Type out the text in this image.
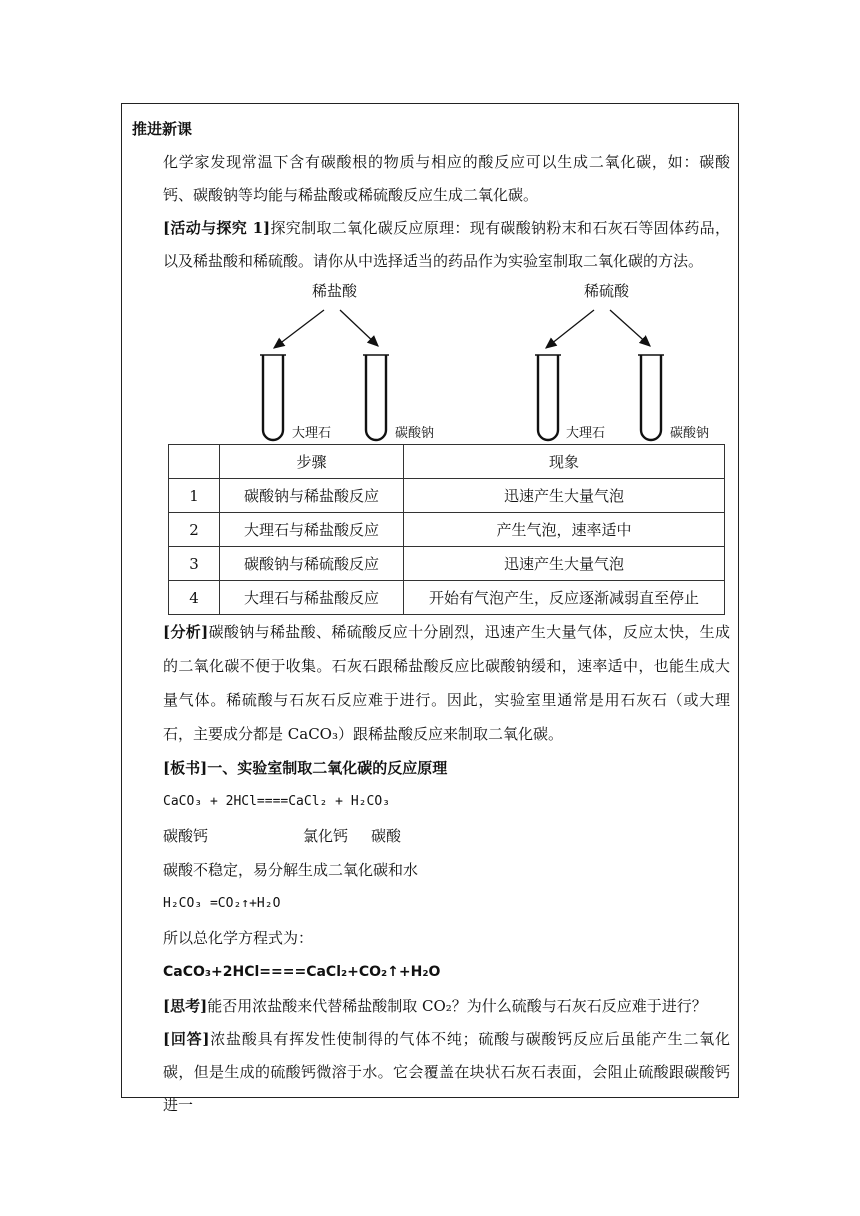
推进新课

化学家发现常温下含有碳酸根的物质与相应的酸反应可以生成二氧化碳，如：碳酸钙、碳酸钠等均能与稀盐酸或稀硫酸反应生成二氧化碳。

[活动与探究 1]探究制取二氧化碳反应原理：现有碳酸钠粉末和石灰石等固体药品，以及稀盐酸和稀硫酸。请你从中选择适当的药品作为实验室制取二氧化碳的方法。

稀盐酸	稀硫酸
大理石	碳酸钠	大理石	碳酸钠
	步骤	现象
1	碳酸钠与稀盐酸反应	迅速产生大量气泡
2	大理石与稀盐酸反应	产生气泡，速率适中
3	碳酸钠与稀硫酸反应	迅速产生大量气泡
4	大理石与稀盐酸反应	开始有气泡产生，反应逐渐减弱直至停止

[分析]碳酸钠与稀盐酸、稀硫酸反应十分剧烈，迅速产生大量气体，反应太快，生成的二氧化碳不便于收集。石灰石跟稀盐酸反应比碳酸钠缓和，速率适中，也能生成大量气体。稀硫酸与石灰石反应难于进行。因此，实验室里通常是用石灰石（或大理石，主要成分都是 CaCO₃）跟稀盐酸反应来制取二氧化碳。

[板书]一、实验室制取二氧化碳的反应原理

CaCO₃ + 2HCl====CaCl₂ + H₂CO₃

碳酸钙	氯化钙 碳酸

碳酸不稳定，易分解生成二氧化碳和水

H₂CO₃ =CO₂↑+H₂O

所以总化学方程式为：

CaCO₃+2HCl====CaCl₂+CO₂↑+H₂O

[思考]能否用浓盐酸来代替稀盐酸制取 CO₂？为什么硫酸与石灰石反应难于进行？

[回答]浓盐酸具有挥发性使制得的气体不纯；硫酸与碳酸钙反应后虽能产生二氧化碳，但是生成的硫酸钙微溶于水。它会覆盖在块状石灰石表面，会阻止硫酸跟碳酸钙进一
